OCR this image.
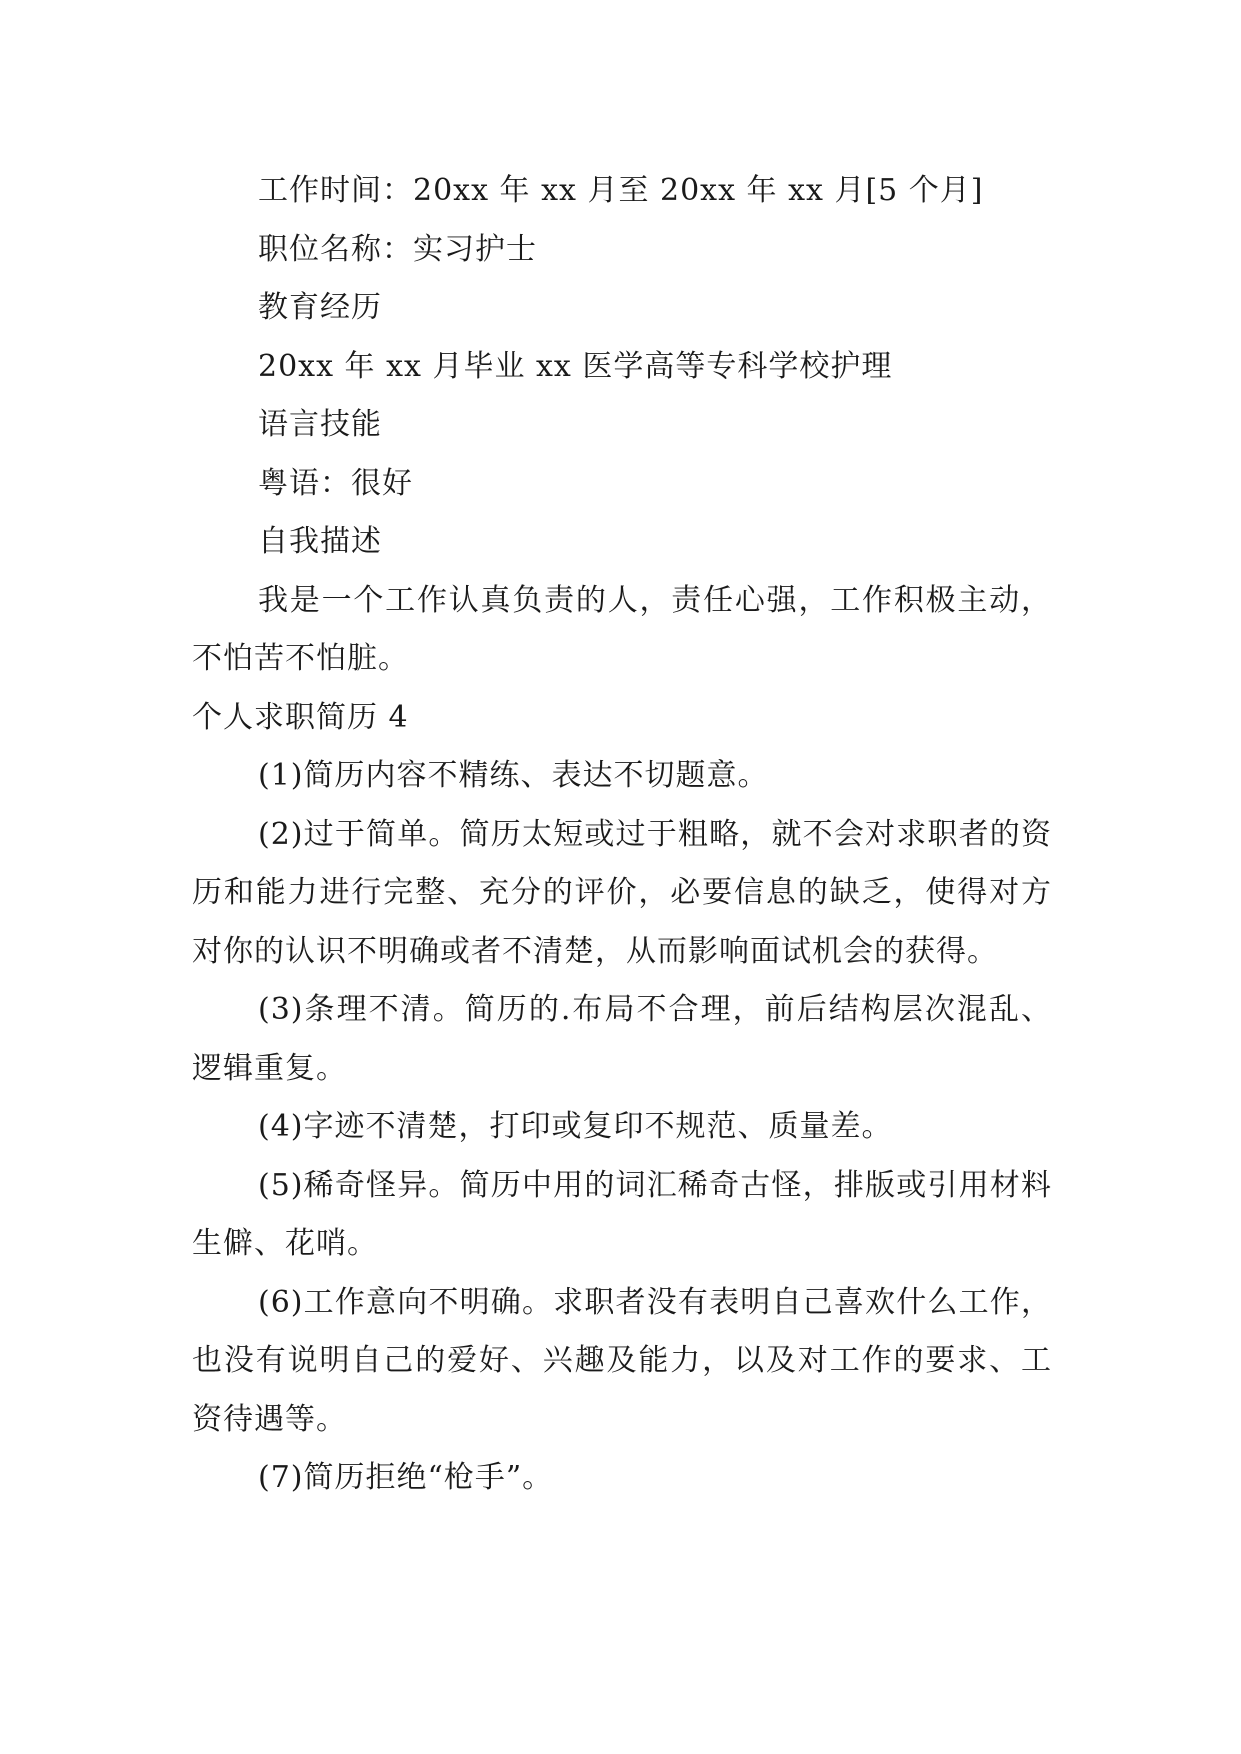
工作时间：20xx 年 xx 月至 20xx 年 xx 月[5 个月]

职位名称：实习护士

教育经历

20xx 年 xx 月毕业 xx 医学高等专科学校护理

语言技能

粤语：很好

自我描述

我是一个工作认真负责的人，责任心强，工作积极主动，不怕苦不怕脏。

个人求职简历 4

(1)简历内容不精练、表达不切题意。

(2)过于简单。简历太短或过于粗略，就不会对求职者的资历和能力进行完整、充分的评价，必要信息的缺乏，使得对方对你的认识不明确或者不清楚，从而影响面试机会的获得。

(3)条理不清。简历的.布局不合理，前后结构层次混乱、逻辑重复。

(4)字迹不清楚，打印或复印不规范、质量差。

(5)稀奇怪异。简历中用的词汇稀奇古怪，排版或引用材料生僻、花哨。

(6)工作意向不明确。求职者没有表明自己喜欢什么工作，也没有说明自己的爱好、兴趣及能力，以及对工作的要求、工资待遇等。

(7)简历拒绝“枪手”。
